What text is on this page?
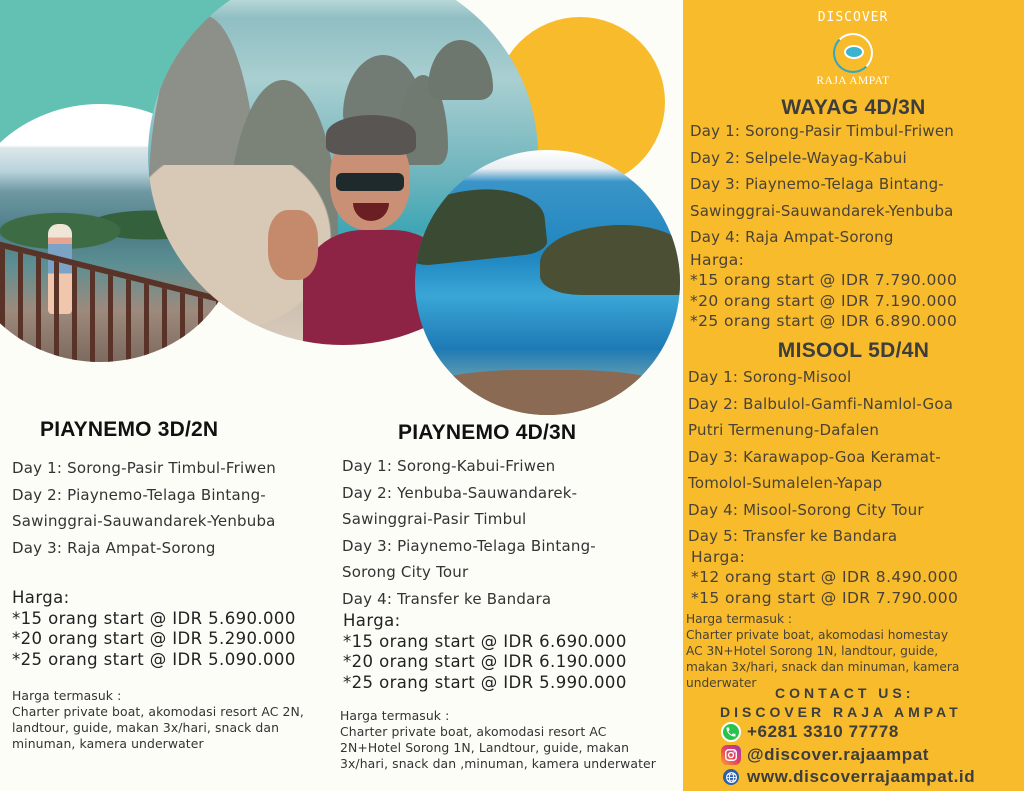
PIAYNEMO 3D/2N
Day 1: Sorong-Pasir Timbul-Friwen
Day 2: Piaynemo-Telaga Bintang-
Sawinggrai-Sauwandarek-Yenbuba
Day 3: Raja Ampat-Sorong
Harga:
*15 orang start @ IDR 5.690.000
*20 orang start @ IDR 5.290.000
*25 orang start @ IDR 5.090.000
Harga termasuk :
Charter private boat, akomodasi resort AC 2N, landtour, guide, makan 3x/hari, snack dan minuman, kamera underwater
PIAYNEMO 4D/3N
Day 1: Sorong-Kabui-Friwen
Day 2: Yenbuba-Sauwandarek-
Sawinggrai-Pasir Timbul
Day 3: Piaynemo-Telaga Bintang-
Sorong City Tour
Day 4: Transfer ke Bandara
Harga:
*15 orang start @ IDR 6.690.000
*20 orang start @ IDR 6.190.000
*25 orang start @ IDR 5.990.000
Harga termasuk :
Charter private boat, akomodasi resort AC 2N+Hotel Sorong 1N, Landtour, guide, makan 3x/hari, snack dan ,minuman, kamera underwater
DISCOVER
RAJA AMPAT
WAYAG 4D/3N
Day 1: Sorong-Pasir Timbul-Friwen
Day 2: Selpele-Wayag-Kabui
Day 3: Piaynemo-Telaga Bintang-
Sawinggrai-Sauwandarek-Yenbuba
Day 4: Raja Ampat-Sorong
Harga:
*15 orang start @ IDR 7.790.000
*20 orang start @ IDR 7.190.000
*25 orang start @ IDR 6.890.000
MISOOL 5D/4N
Day 1: Sorong-Misool
Day 2: Balbulol-Gamfi-Namlol-Goa
Putri Termenung-Dafalen
Day 3: Karawapop-Goa Keramat-
Tomolol-Sumalelen-Yapap
Day 4: Misool-Sorong City Tour
Day 5: Transfer ke Bandara
Harga:
*12 orang start @ IDR 8.490.000
*15 orang start @ IDR 7.790.000
Harga termasuk :
Charter private boat, akomodasi homestay
AC 3N+Hotel Sorong 1N, landtour, guide,
makan 3x/hari, snack dan minuman, kamera
underwater
CONTACT US:
DISCOVER RAJA AMPAT
+6281 3310 77778
@discover.rajaampat
www.discoverrajaampat.id
